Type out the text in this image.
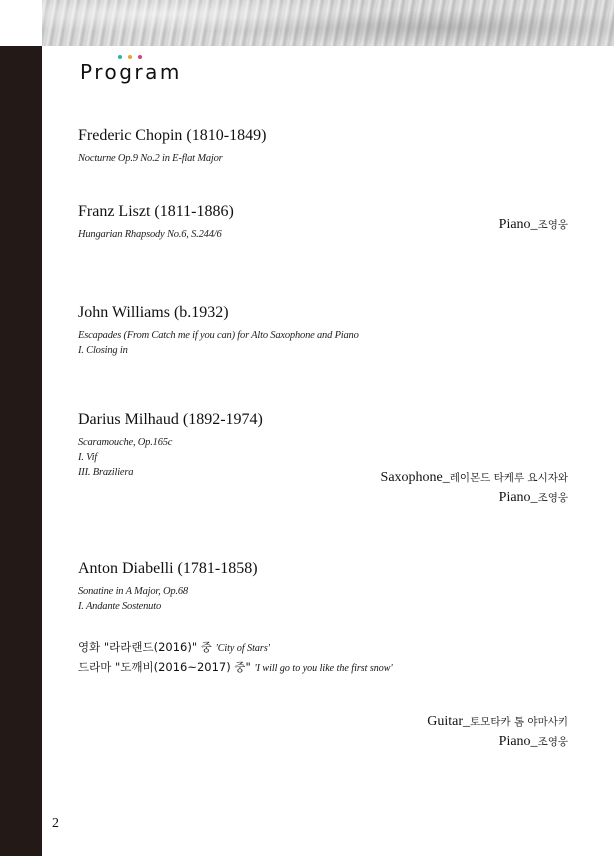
Program
Frederic Chopin (1810-1849)
Nocturne Op.9 No.2 in E-flat Major
Franz Liszt (1811-1886)
Hungarian Rhapsody No.6, S.244/6
John Williams (b.1932)
Escapades (From Catch me if you can) for Alto Saxophone and Piano
I. Closing in
Darius Milhaud (1892-1974)
Scaramouche, Op.165c
I. Vif
III. Braziliera
Anton Diabelli (1781-1858)
Sonatine in A Major, Op.68
I. Andante Sostenuto
영화 "라라랜드(2016)" 중 'City of Stars'
드라마 "도깨비(2016~2017) 중" 'I will go to you like the first snow'
Piano_조영웅
Saxophone_레이몬드 타케루 요시자와
Piano_조영웅
Guitar_토모타카 톰 야마사키
Piano_조영웅
2
